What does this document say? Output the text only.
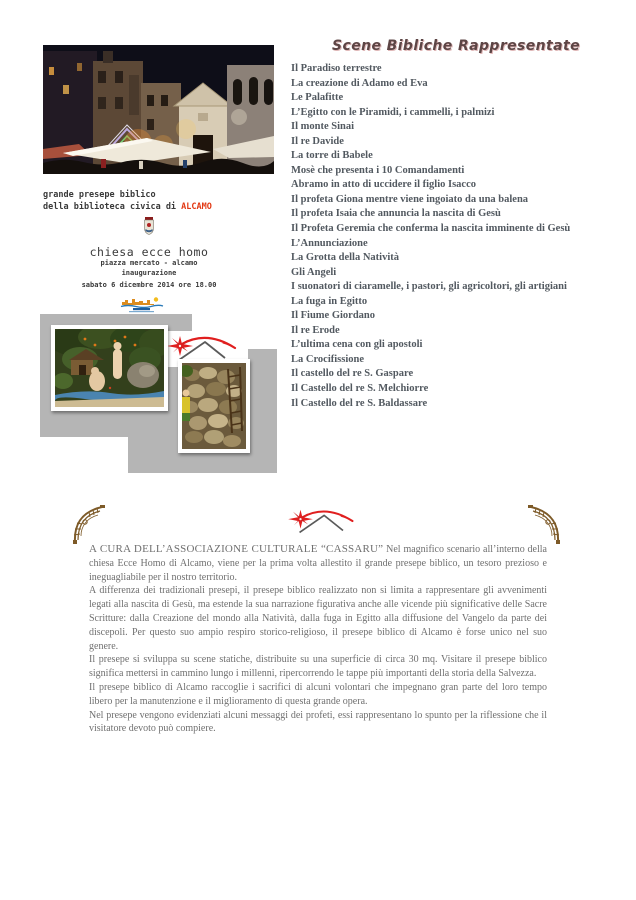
Scene Bibliche Rappresentate
Il Paradiso terrestre
La creazione di Adamo ed Eva
Le Palafitte
L’Egitto con le Piramidi, i cammelli, i palmizi
Il monte Sinai
Il re Davide
La torre di Babele
Mosè che presenta i 10 Comandamenti
Abramo in atto di uccidere il figlio Isacco
Il profeta Giona mentre viene ingoiato da una balena
Il profeta Isaia che annuncia la nascita di Gesù
Il Profeta Geremia che conferma la nascita imminente di Gesù
L’Annunciazione
La Grotta della Natività
Gli Angeli
I suonatori di ciaramelle, i pastori, gli agricoltori, gli artigiani
La fuga in Egitto
Il Fiume Giordano
Il re Erode
L’ultima cena con gli apostoli
La Crocifissione
Il castello del re S. Gaspare
Il Castello del re S. Melchiorre
Il Castello del re S. Baldassare
grande presepe biblico
della biblioteca civica di ALCAMO
chiesa ecce homo
piazza mercato - alcamo
inaugurazione
sabato 6 dicembre 2014 ore 18.00

A CURA DELL’ASSOCIAZIONE CULTURALE “CASSARU” Nel magnifico scenario all’interno della chiesa Ecce Homo di Alcamo, viene per la prima volta allestito il grande presepe biblico, un tesoro prezioso e ineguagliabile per il nostro territorio.

A differenza dei tradizionali presepi, il presepe biblico realizzato non si limita a rappresentare gli avvenimenti legati alla nascita di Gesù, ma estende la sua narrazione figurativa anche alle vicende più significative delle Sacre Scritture: dalla Creazione del mondo alla Natività, dalla fuga in Egitto alla diffusione del Vangelo da parte dei discepoli. Per questo suo ampio respiro storico-religioso, il presepe biblico di Alcamo è forse unico nel suo genere.

Il presepe si sviluppa su scene statiche, distribuite su una superficie di circa 30 mq. Visitare il presepe biblico significa mettersi in cammino lungo i millenni, ripercorrendo le tappe più importanti della storia della Salvezza.

Il presepe biblico di Alcamo raccoglie i sacrifici di alcuni volontari che impegnano gran parte del loro tempo libero per la manutenzione e il miglioramento di questa grande opera.

Nel presepe vengono evidenziati alcuni messaggi dei profeti, essi rappresentano lo spunto per la riflessione che il visitatore devoto può compiere.
